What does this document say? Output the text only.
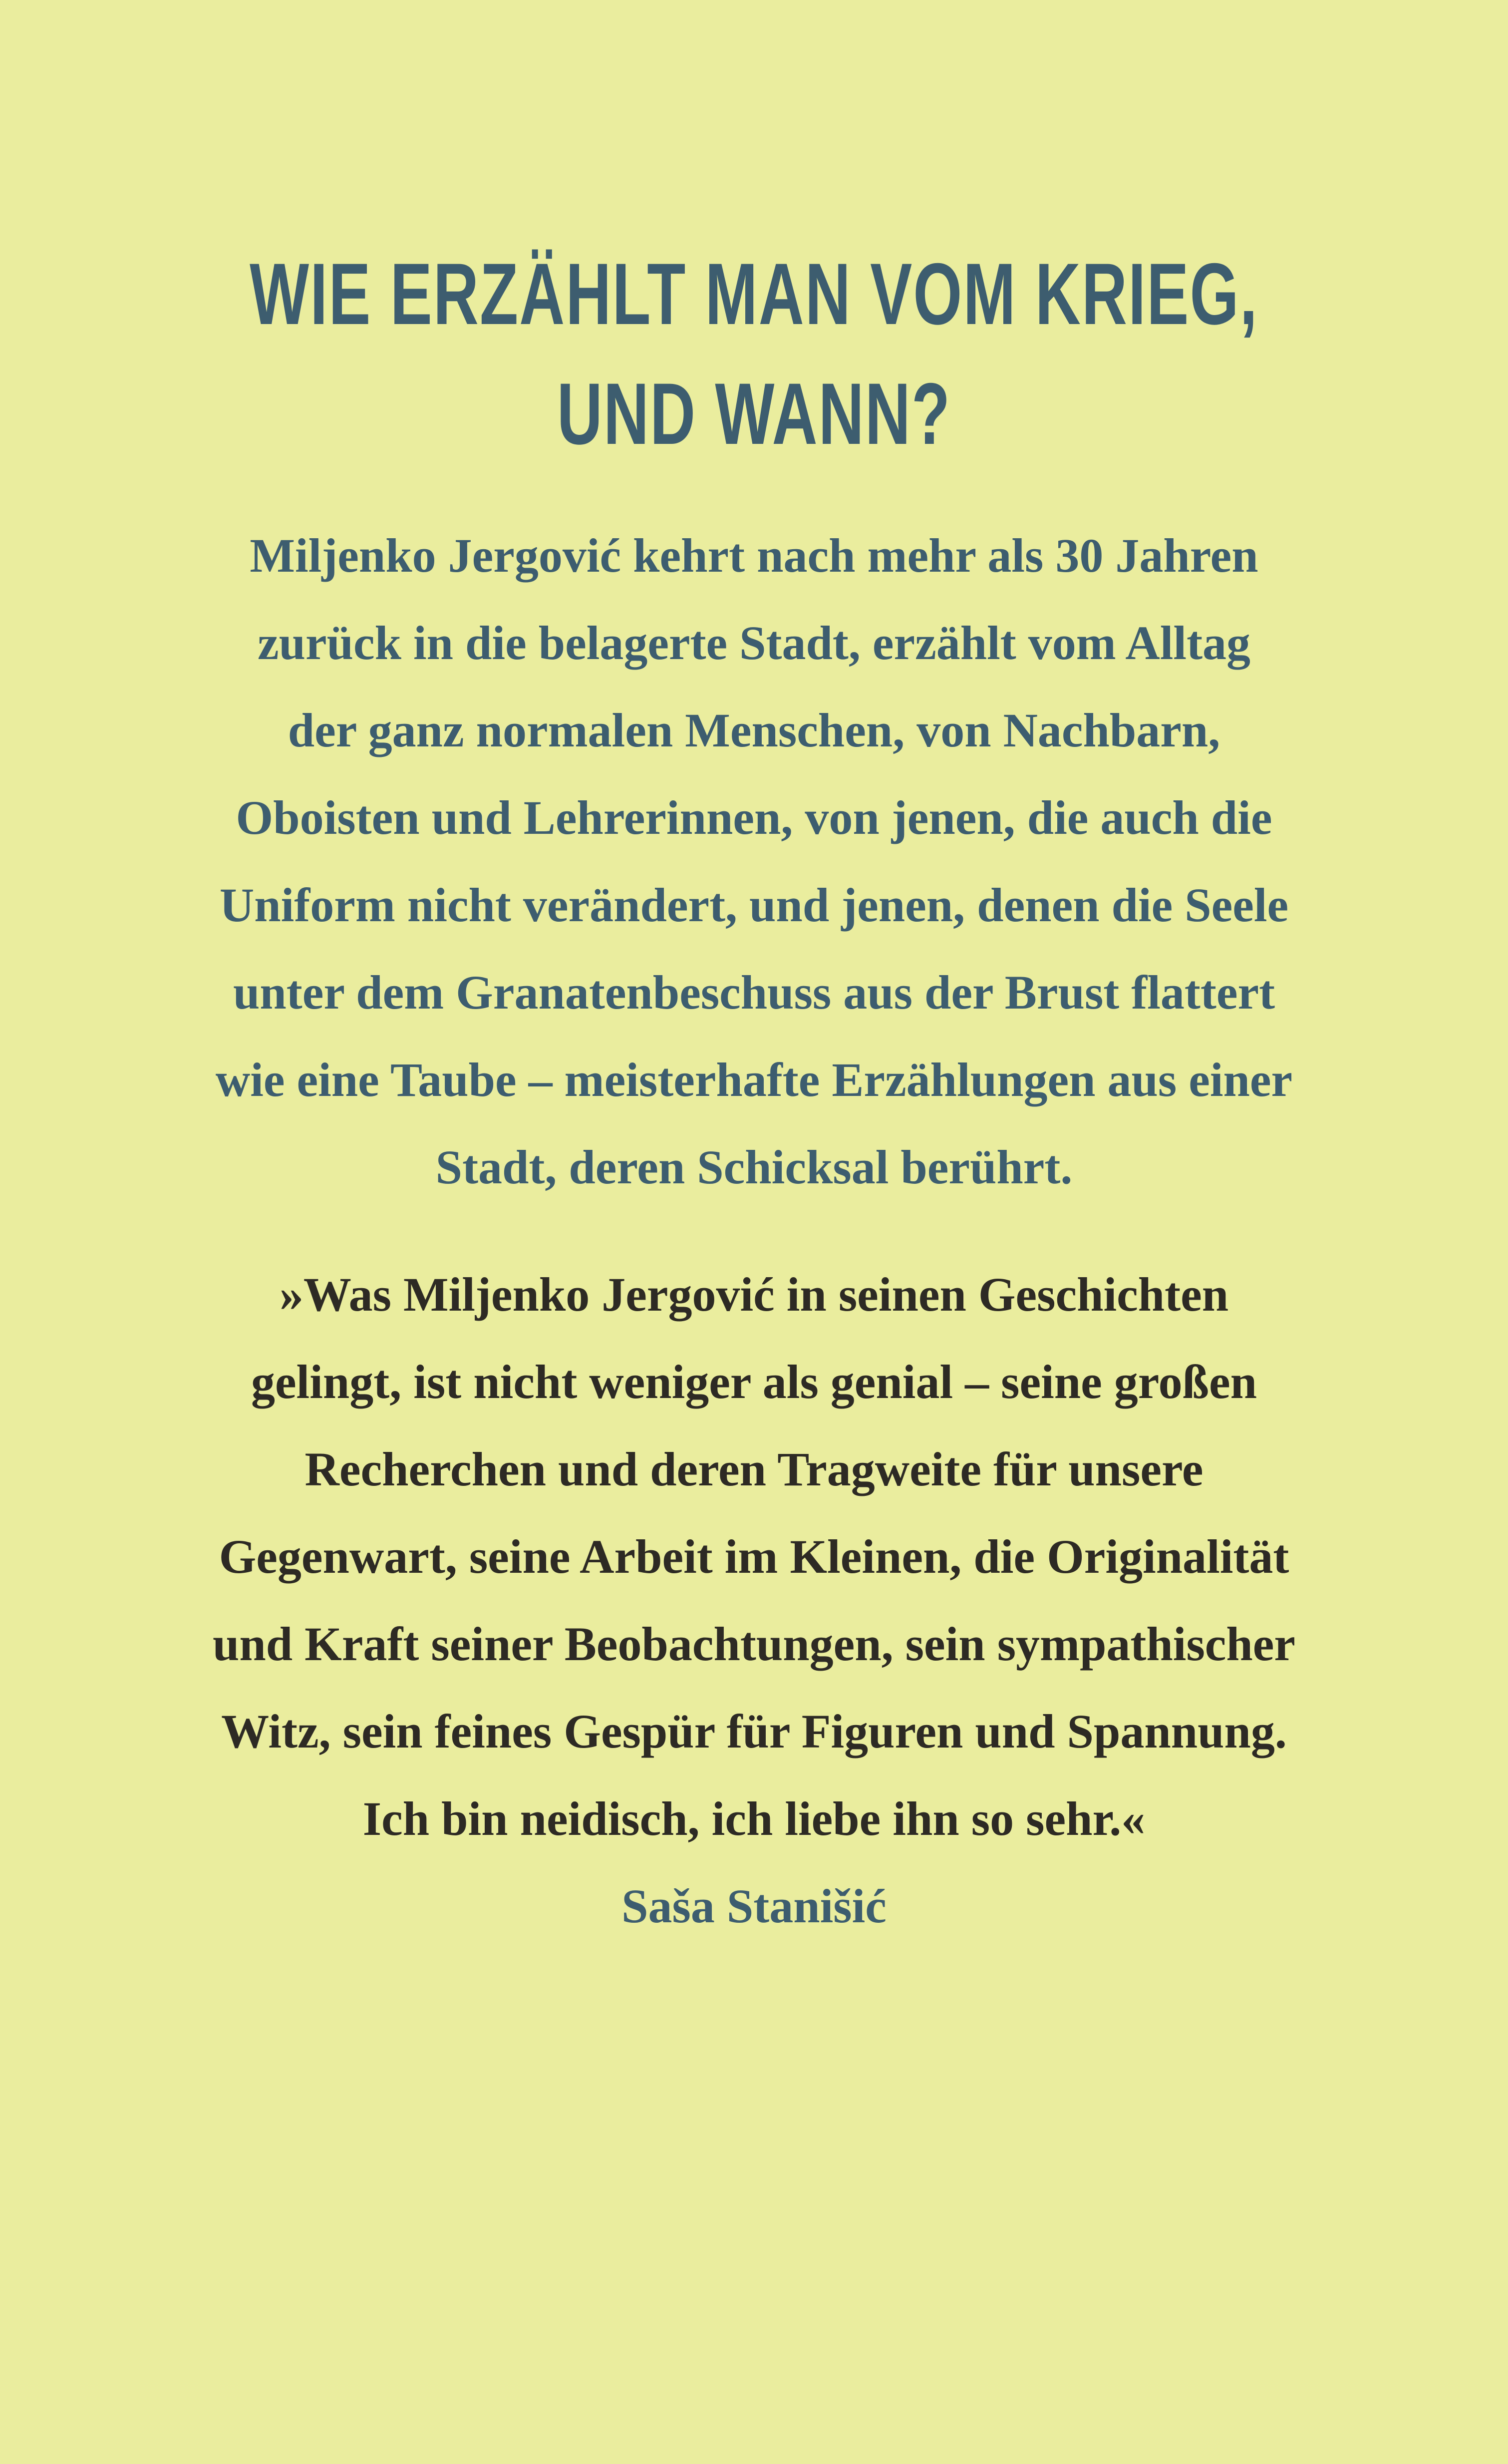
WIE ERZÄHLT MAN VOM KRIEG,
UND WANN?
Miljenko Jergović kehrt nach mehr als 30 Jahren
zurück in die belagerte Stadt, erzählt vom Alltag
der ganz normalen Menschen, von Nachbarn,
Oboisten und Lehrerinnen, von jenen, die auch die
Uniform nicht verändert, und jenen, denen die Seele
unter dem Granatenbeschuss aus der Brust flattert
wie eine Taube – meisterhafte Erzählungen aus einer
Stadt, deren Schicksal berührt.
»Was Miljenko Jergović in seinen Geschichten
gelingt, ist nicht weniger als genial – seine großen
Recherchen und deren Tragweite für unsere
Gegenwart, seine Arbeit im Kleinen, die Originalität
und Kraft seiner Beobachtungen, sein sympathischer
Witz, sein feines Gespür für Figuren und Spannung.
Ich bin neidisch, ich liebe ihn so sehr.«
Saša Stanišić
